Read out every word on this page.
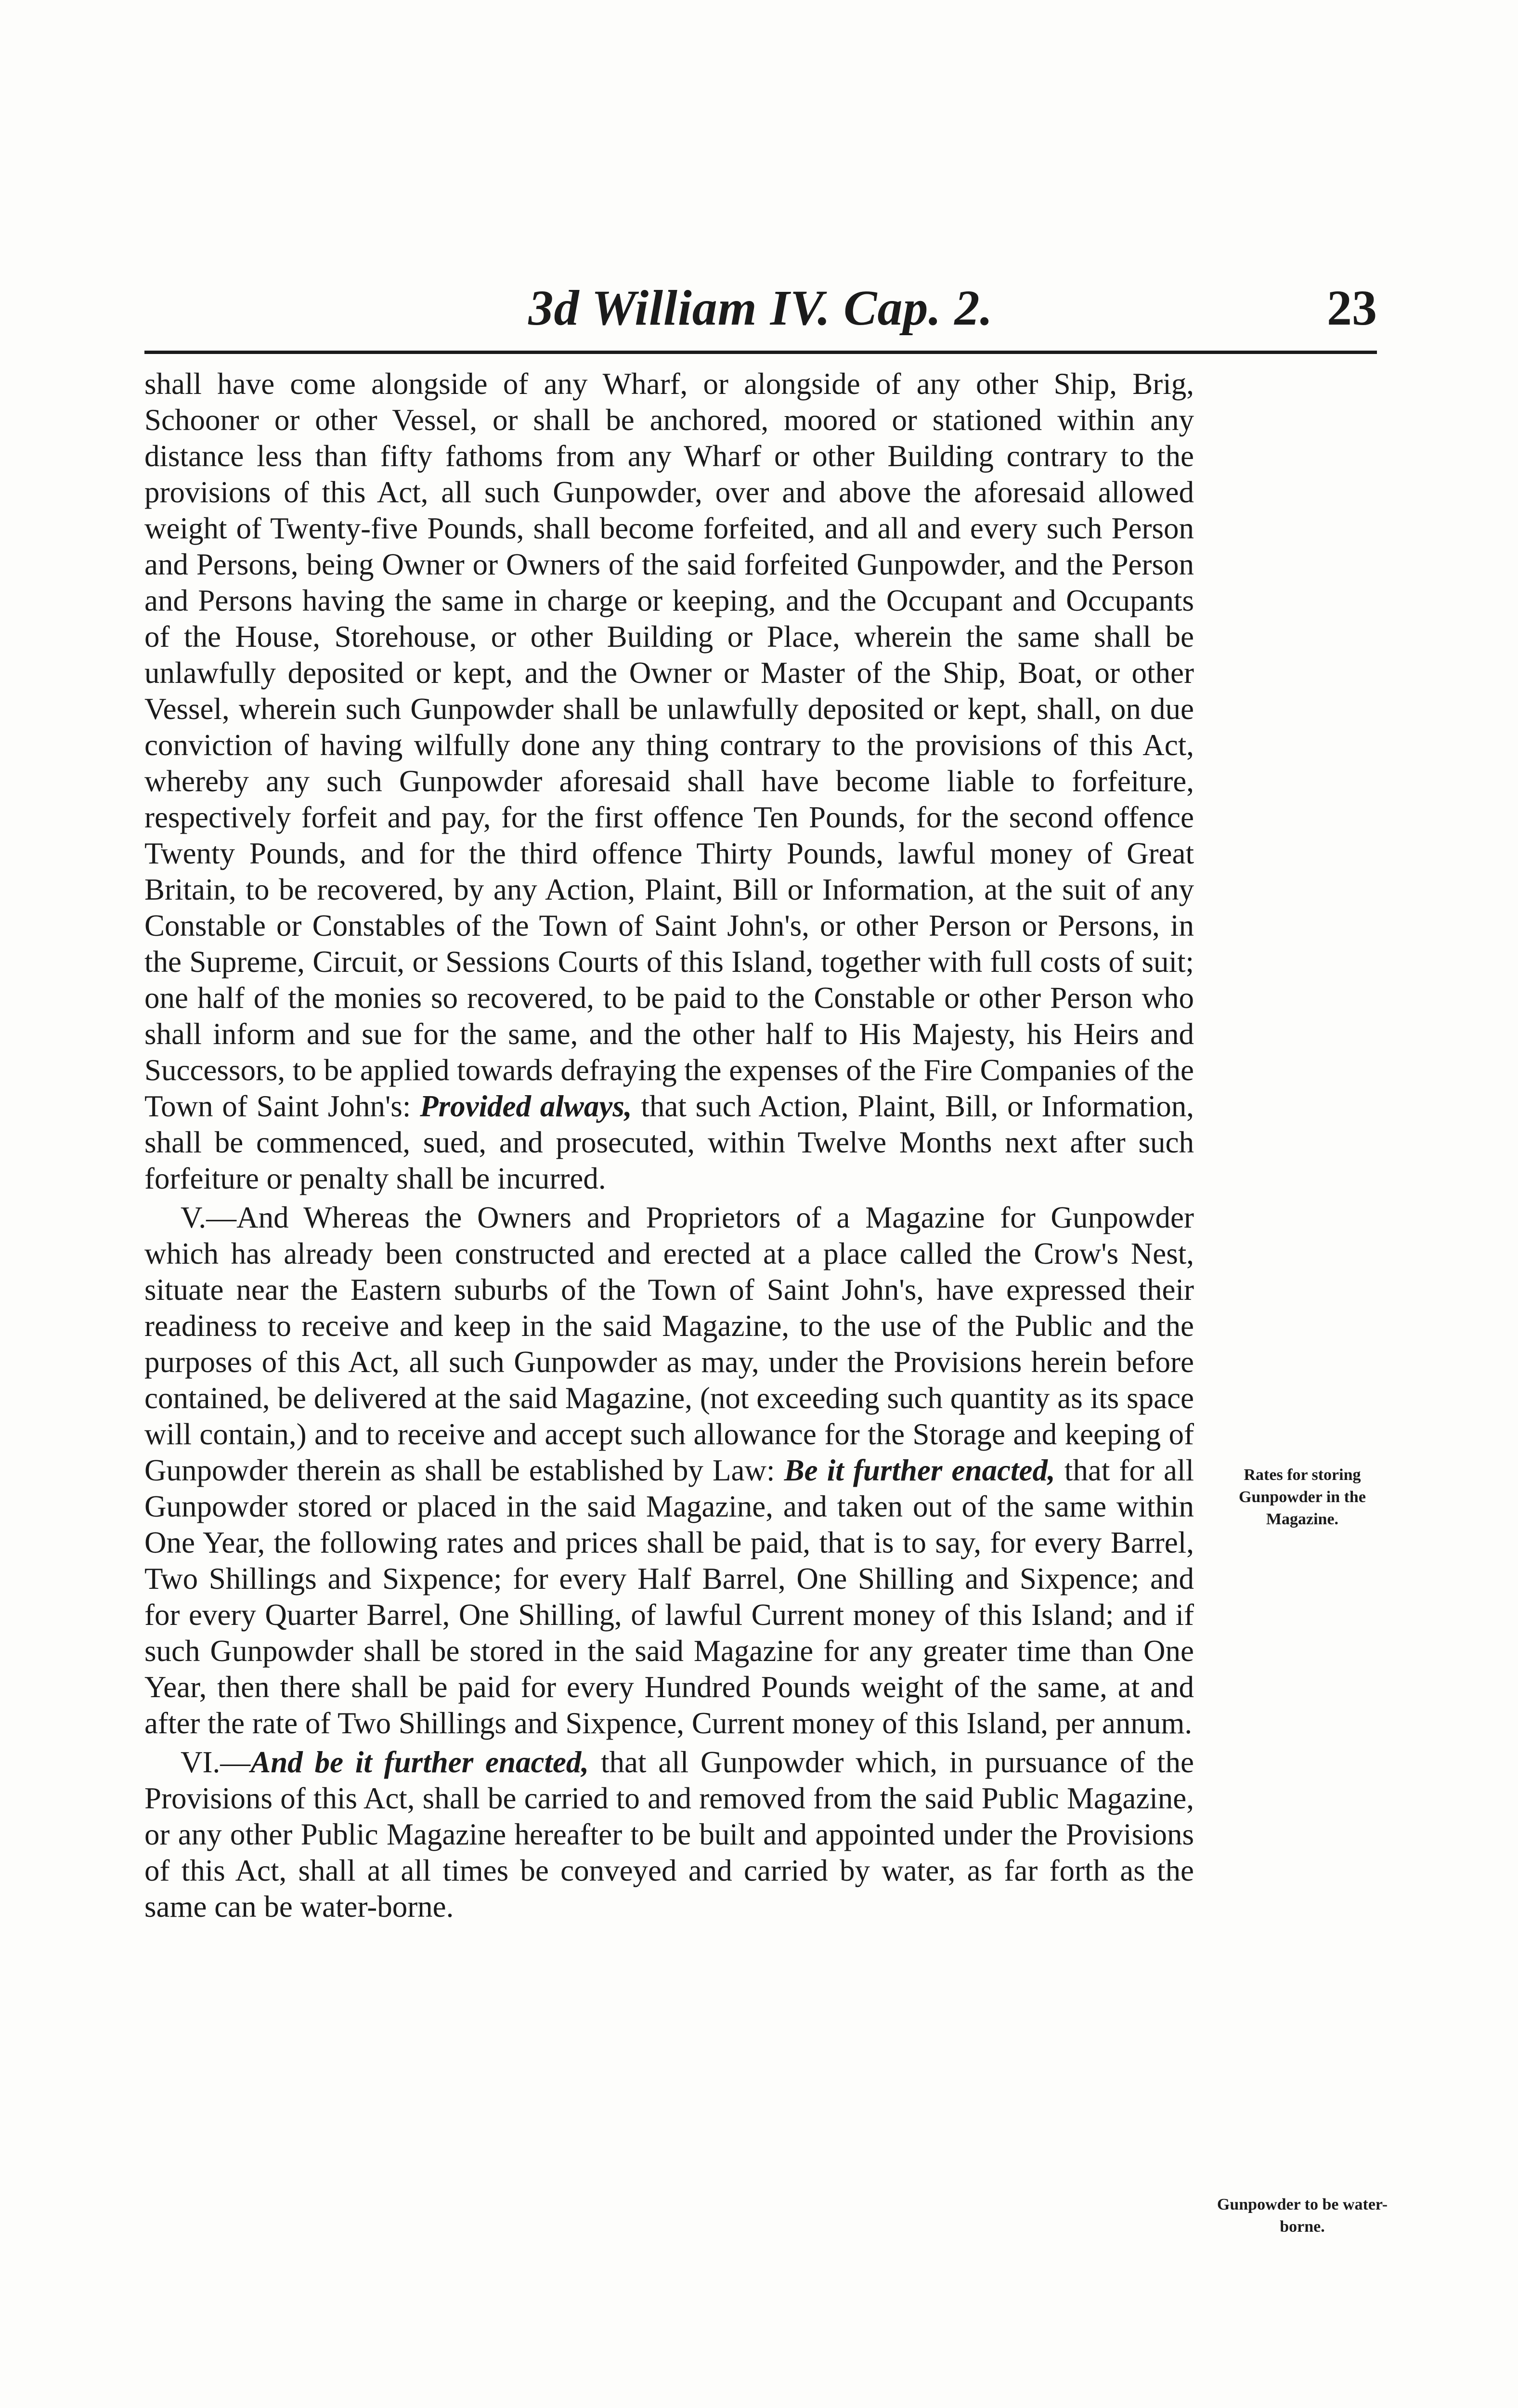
3d William IV. Cap. 2.	23

shall have come alongside of any Wharf, or alongside of any other Ship, Brig, Schooner or other Vessel, or shall be anchored, moored or stationed within any distance less than fifty fathoms from any Wharf or other Building contrary to the provisions of this Act, all such Gunpowder, over and above the aforesaid allowed weight of Twenty-five Pounds, shall become forfeited, and all and every such Person and Persons, being Owner or Owners of the said forfeited Gunpowder, and the Person and Persons having the same in charge or keeping, and the Occupant and Occupants of the House, Storehouse, or other Building or Place, wherein the same shall be unlawfully deposited or kept, and the Owner or Master of the Ship, Boat, or other Vessel, wherein such Gunpowder shall be unlawfully deposited or kept, shall, on due conviction of having wilfully done any thing contrary to the provisions of this Act, whereby any such Gunpowder aforesaid shall have become liable to forfeiture, respectively forfeit and pay, for the first offence Ten Pounds, for the second offence Twenty Pounds, and for the third offence Thirty Pounds, lawful money of Great Britain, to be recovered, by any Action, Plaint, Bill or Information, at the suit of any Constable or Constables of the Town of Saint John's, or other Person or Persons, in the Supreme, Circuit, or Sessions Courts of this Island, together with full costs of suit; one half of the monies so recovered, to be paid to the Constable or other Person who shall inform and sue for the same, and the other half to His Majesty, his Heirs and Successors, to be applied towards defraying the expenses of the Fire Companies of the Town of Saint John's: Provided always, that such Action, Plaint, Bill, or Information, shall be commenced, sued, and prosecuted, within Twelve Months next after such forfeiture or penalty shall be incurred.

V.—And Whereas the Owners and Proprietors of a Magazine for Gunpowder which has already been constructed and erected at a place called the Crow's Nest, situate near the Eastern suburbs of the Town of Saint John's, have expressed their readiness to receive and keep in the said Magazine, to the use of the Public and the purposes of this Act, all such Gunpowder as may, under the Provisions herein before contained, be delivered at the said Magazine, (not exceeding such quantity as its space will contain,) and to receive and accept such allowance for the Storage and keeping of Gunpowder therein as shall be established by Law: Be it further enacted, that for all Gunpowder stored or placed in the said Magazine, and taken out of the same within One Year, the following rates and prices shall be paid, that is to say, for every Barrel, Two Shillings and Sixpence; for every Half Barrel, One Shilling and Sixpence; and for every Quarter Barrel, One Shilling, of lawful Current money of this Island; and if such Gunpowder shall be stored in the said Magazine for any greater time than One Year, then there shall be paid for every Hundred Pounds weight of the same, at and after the rate of Two Shillings and Sixpence, Current money of this Island, per annum.

VI.—And be it further enacted, that all Gunpowder which, in pursuance of the Provisions of this Act, shall be carried to and removed from the said Public Magazine, or any other Public Magazine hereafter to be built and appointed under the Provisions of this Act, shall at all times be conveyed and carried by water, as far forth as the same can be water-borne.

Rates for storing Gunpowder in the Magazine.
Gunpowder to be water-borne.
